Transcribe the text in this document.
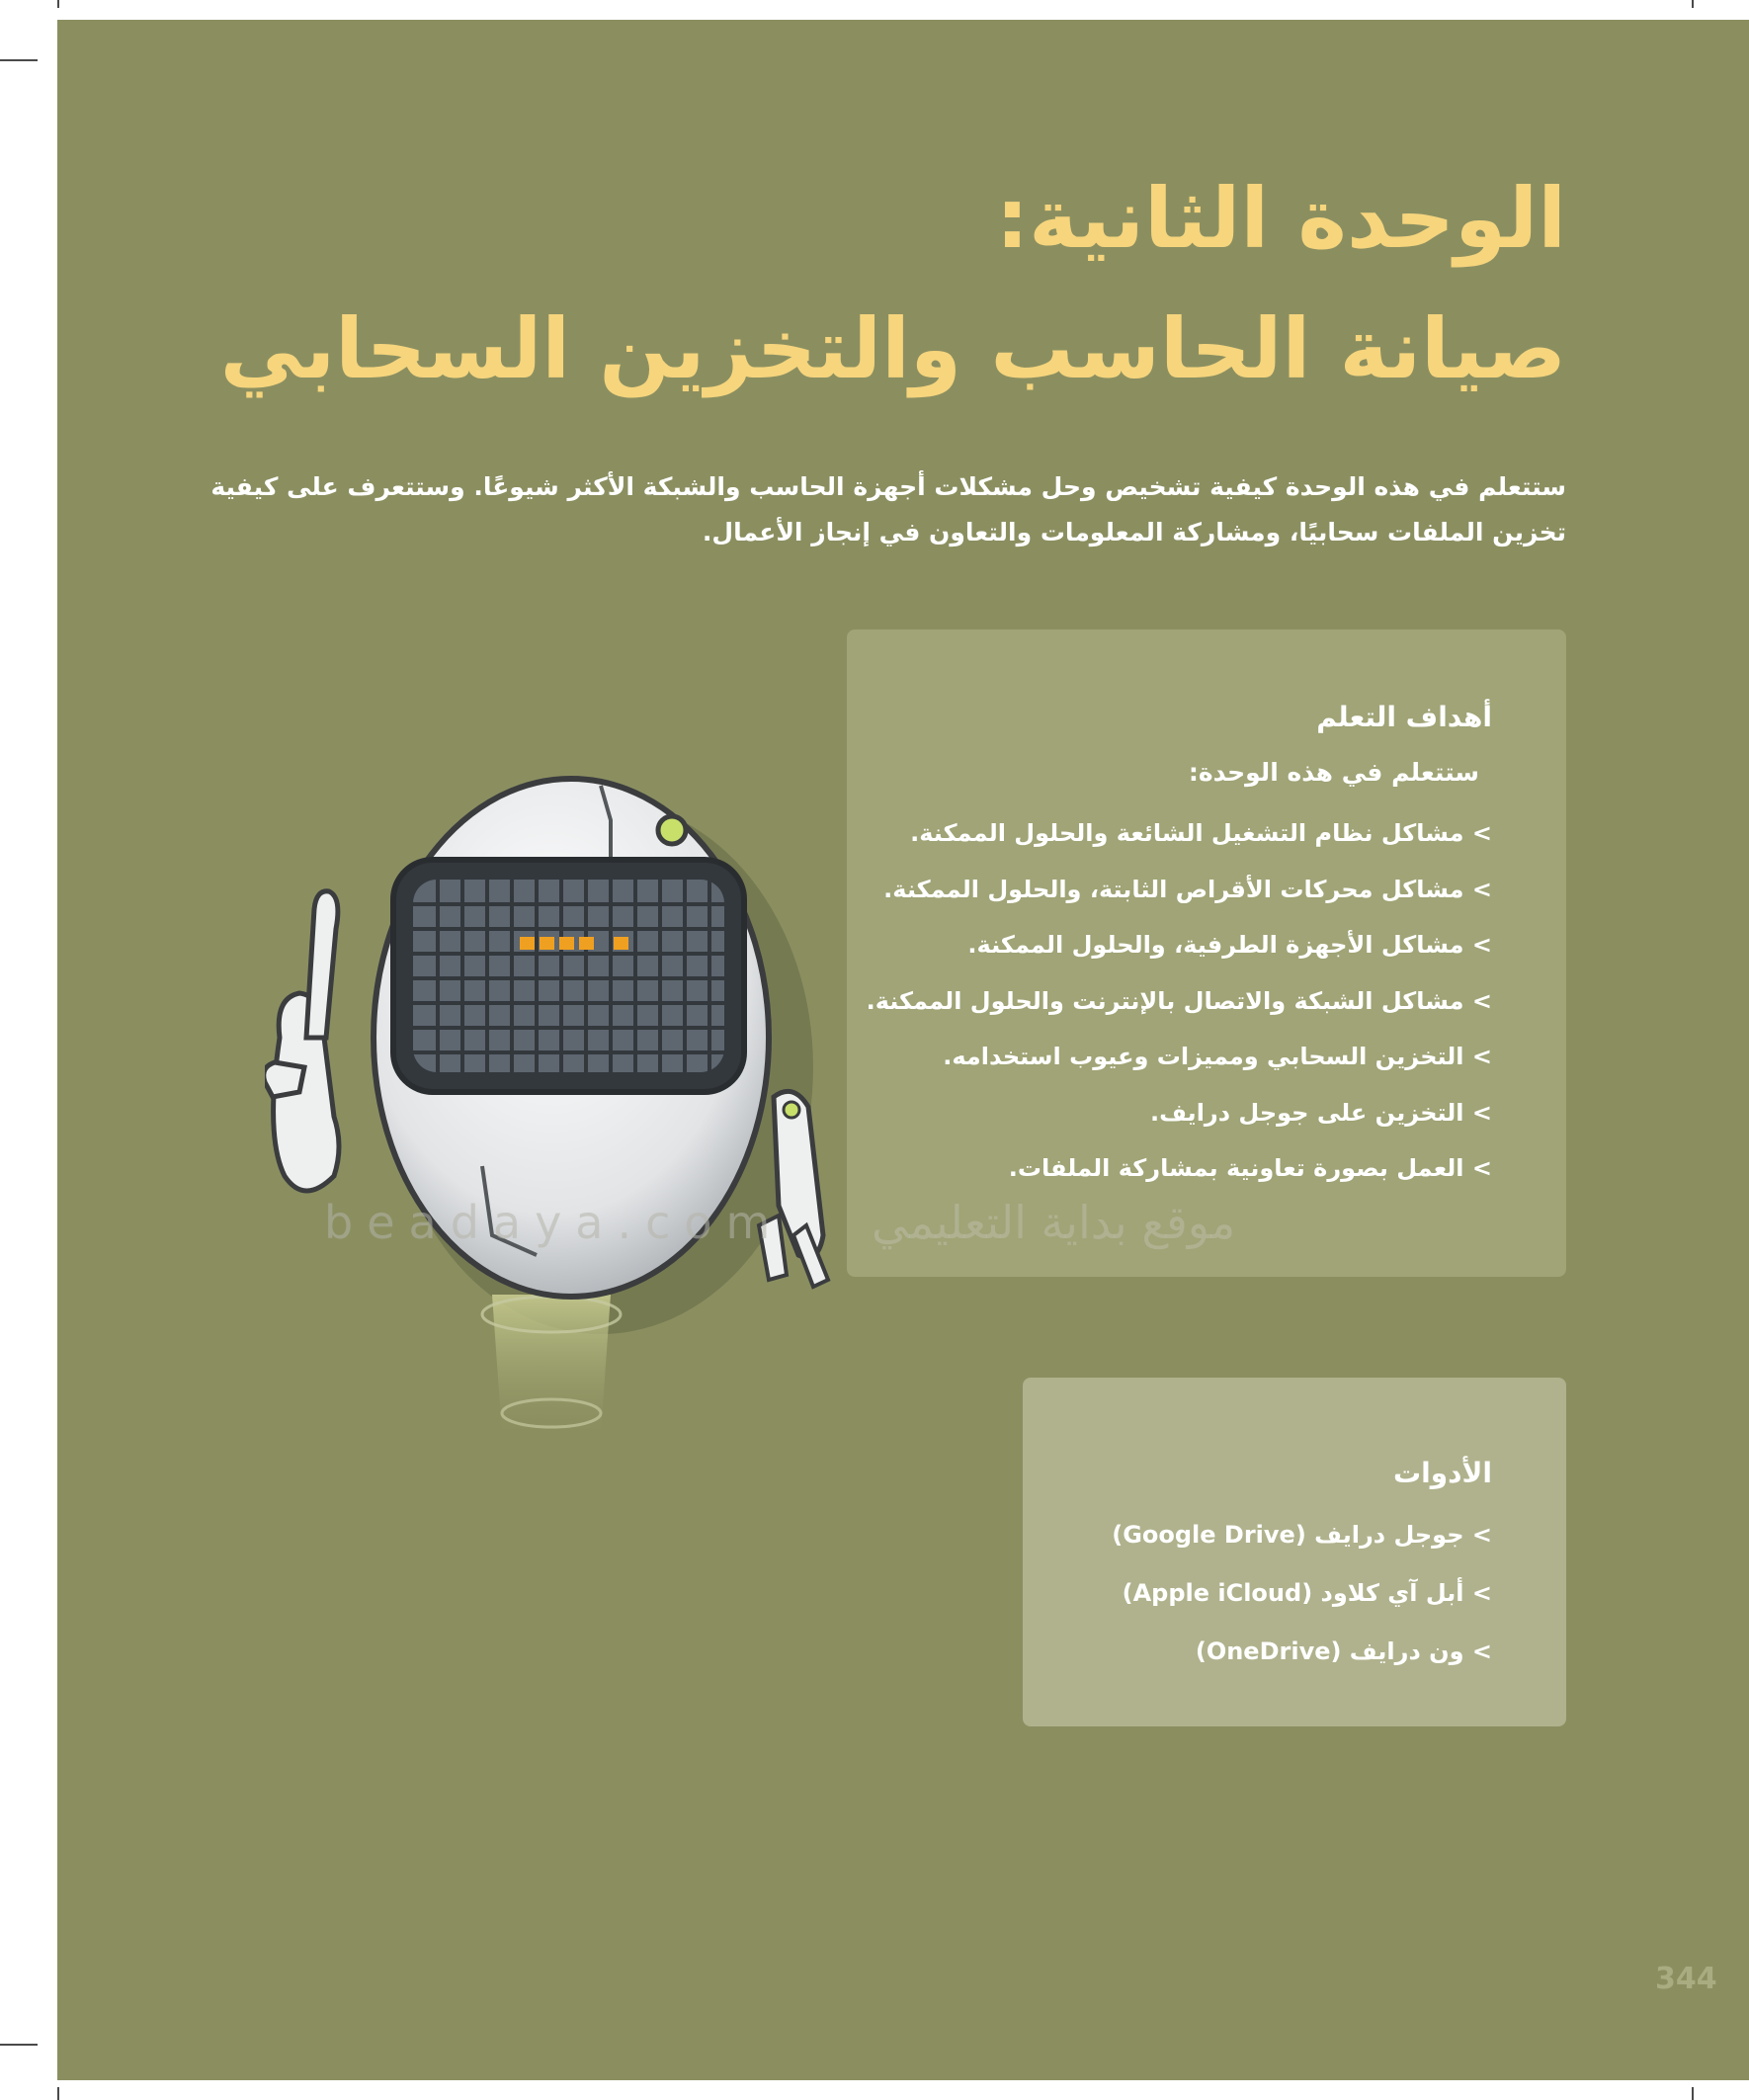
الوحدة الثانية:
صيانة الحاسب والتخزين السحابي

ستتعلم في هذه الوحدة كيفية تشخيص وحل مشكلات أجهزة الحاسب والشبكة الأكثر شيوعًا. وستتعرف على كيفية تخزين الملفات سحابيًا، ومشاركة المعلومات والتعاون في إنجاز الأعمال.

beadaya.com موقع بداية التعليمي
أهداف التعلم
ستتعلم في هذه الوحدة:
> مشاكل نظام التشغيل الشائعة والحلول الممكنة.
> مشاكل محركات الأقراص الثابتة، والحلول الممكنة.
> مشاكل الأجهزة الطرفية، والحلول الممكنة.
> مشاكل الشبكة والاتصال بالإنترنت والحلول الممكنة.
> التخزين السحابي ومميزات وعيوب استخدامه.
> التخزين على جوجل درايف.
> العمل بصورة تعاونية بمشاركة الملفات.
الأدوات
> جوجل درايف (Google Drive)
> أبل آي كلاود (Apple iCloud)
> ون درايف (OneDrive)
344
